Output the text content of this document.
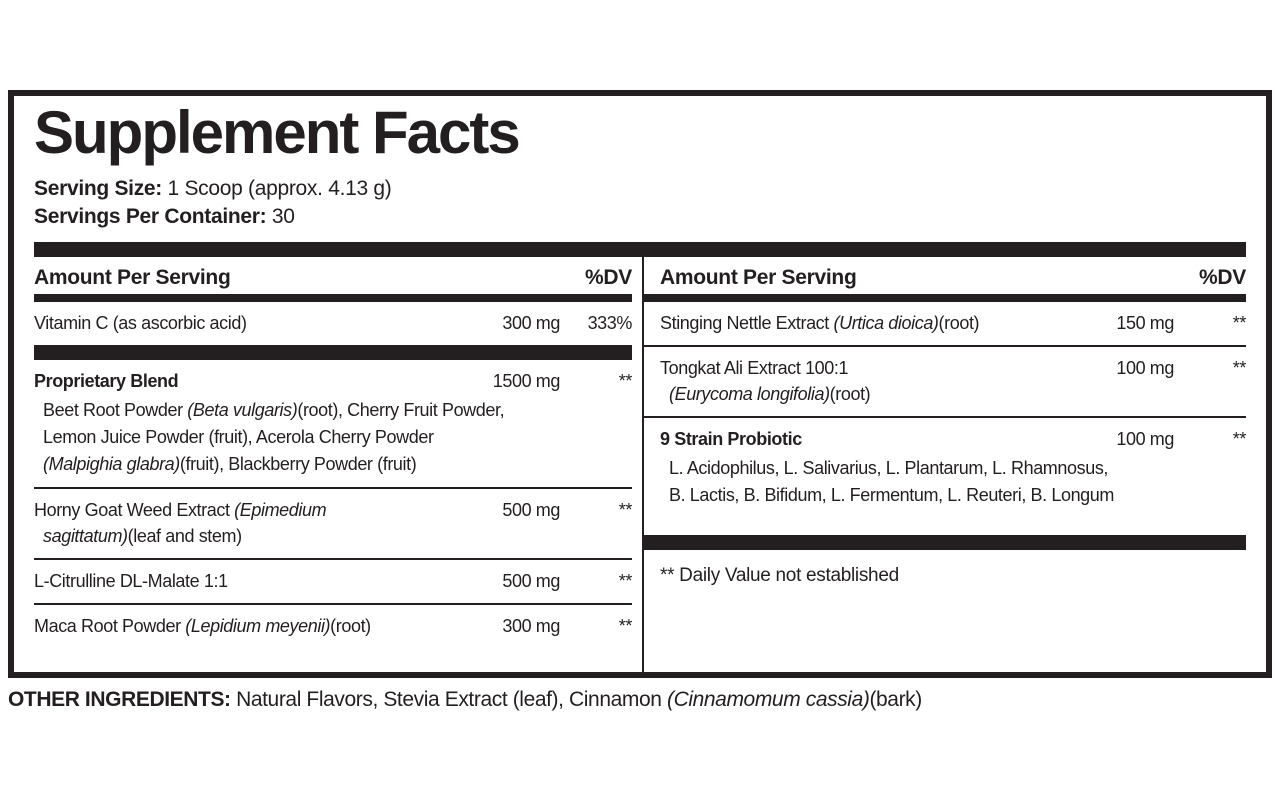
Supplement Facts
Serving Size: 1 Scoop (approx. 4.13 g)
Servings Per Container: 30
Amount Per Serving	%DV
Vitamin C (as ascorbic acid)	300 mg	333%
Proprietary Blend	1500 mg	**
Beet Root Powder (Beta vulgaris)(root), Cherry Fruit Powder,
Lemon Juice Powder (fruit), Acerola Cherry Powder
(Malpighia glabra)(fruit), Blackberry Powder (fruit)
Horny Goat Weed Extract (Epimedium
sagittatum)(leaf and stem)
500 mg	**
L-Citrulline DL-Malate 1:1	500 mg	**
Maca Root Powder (Lepidium meyenii)(root)	300 mg	**
Amount Per Serving	%DV
Stinging Nettle Extract (Urtica dioica)(root)	150 mg	**
Tongkat Ali Extract 100:1
(Eurycoma longifolia)(root)
100 mg	**
9 Strain Probiotic	100 mg	**
L. Acidophilus, L. Salivarius, L. Plantarum, L. Rhamnosus,
B. Lactis, B. Bifidum, L. Fermentum, L. Reuteri, B. Longum
** Daily Value not established
OTHER INGREDIENTS: Natural Flavors, Stevia Extract (leaf), Cinnamon (Cinnamomum cassia)(bark)
